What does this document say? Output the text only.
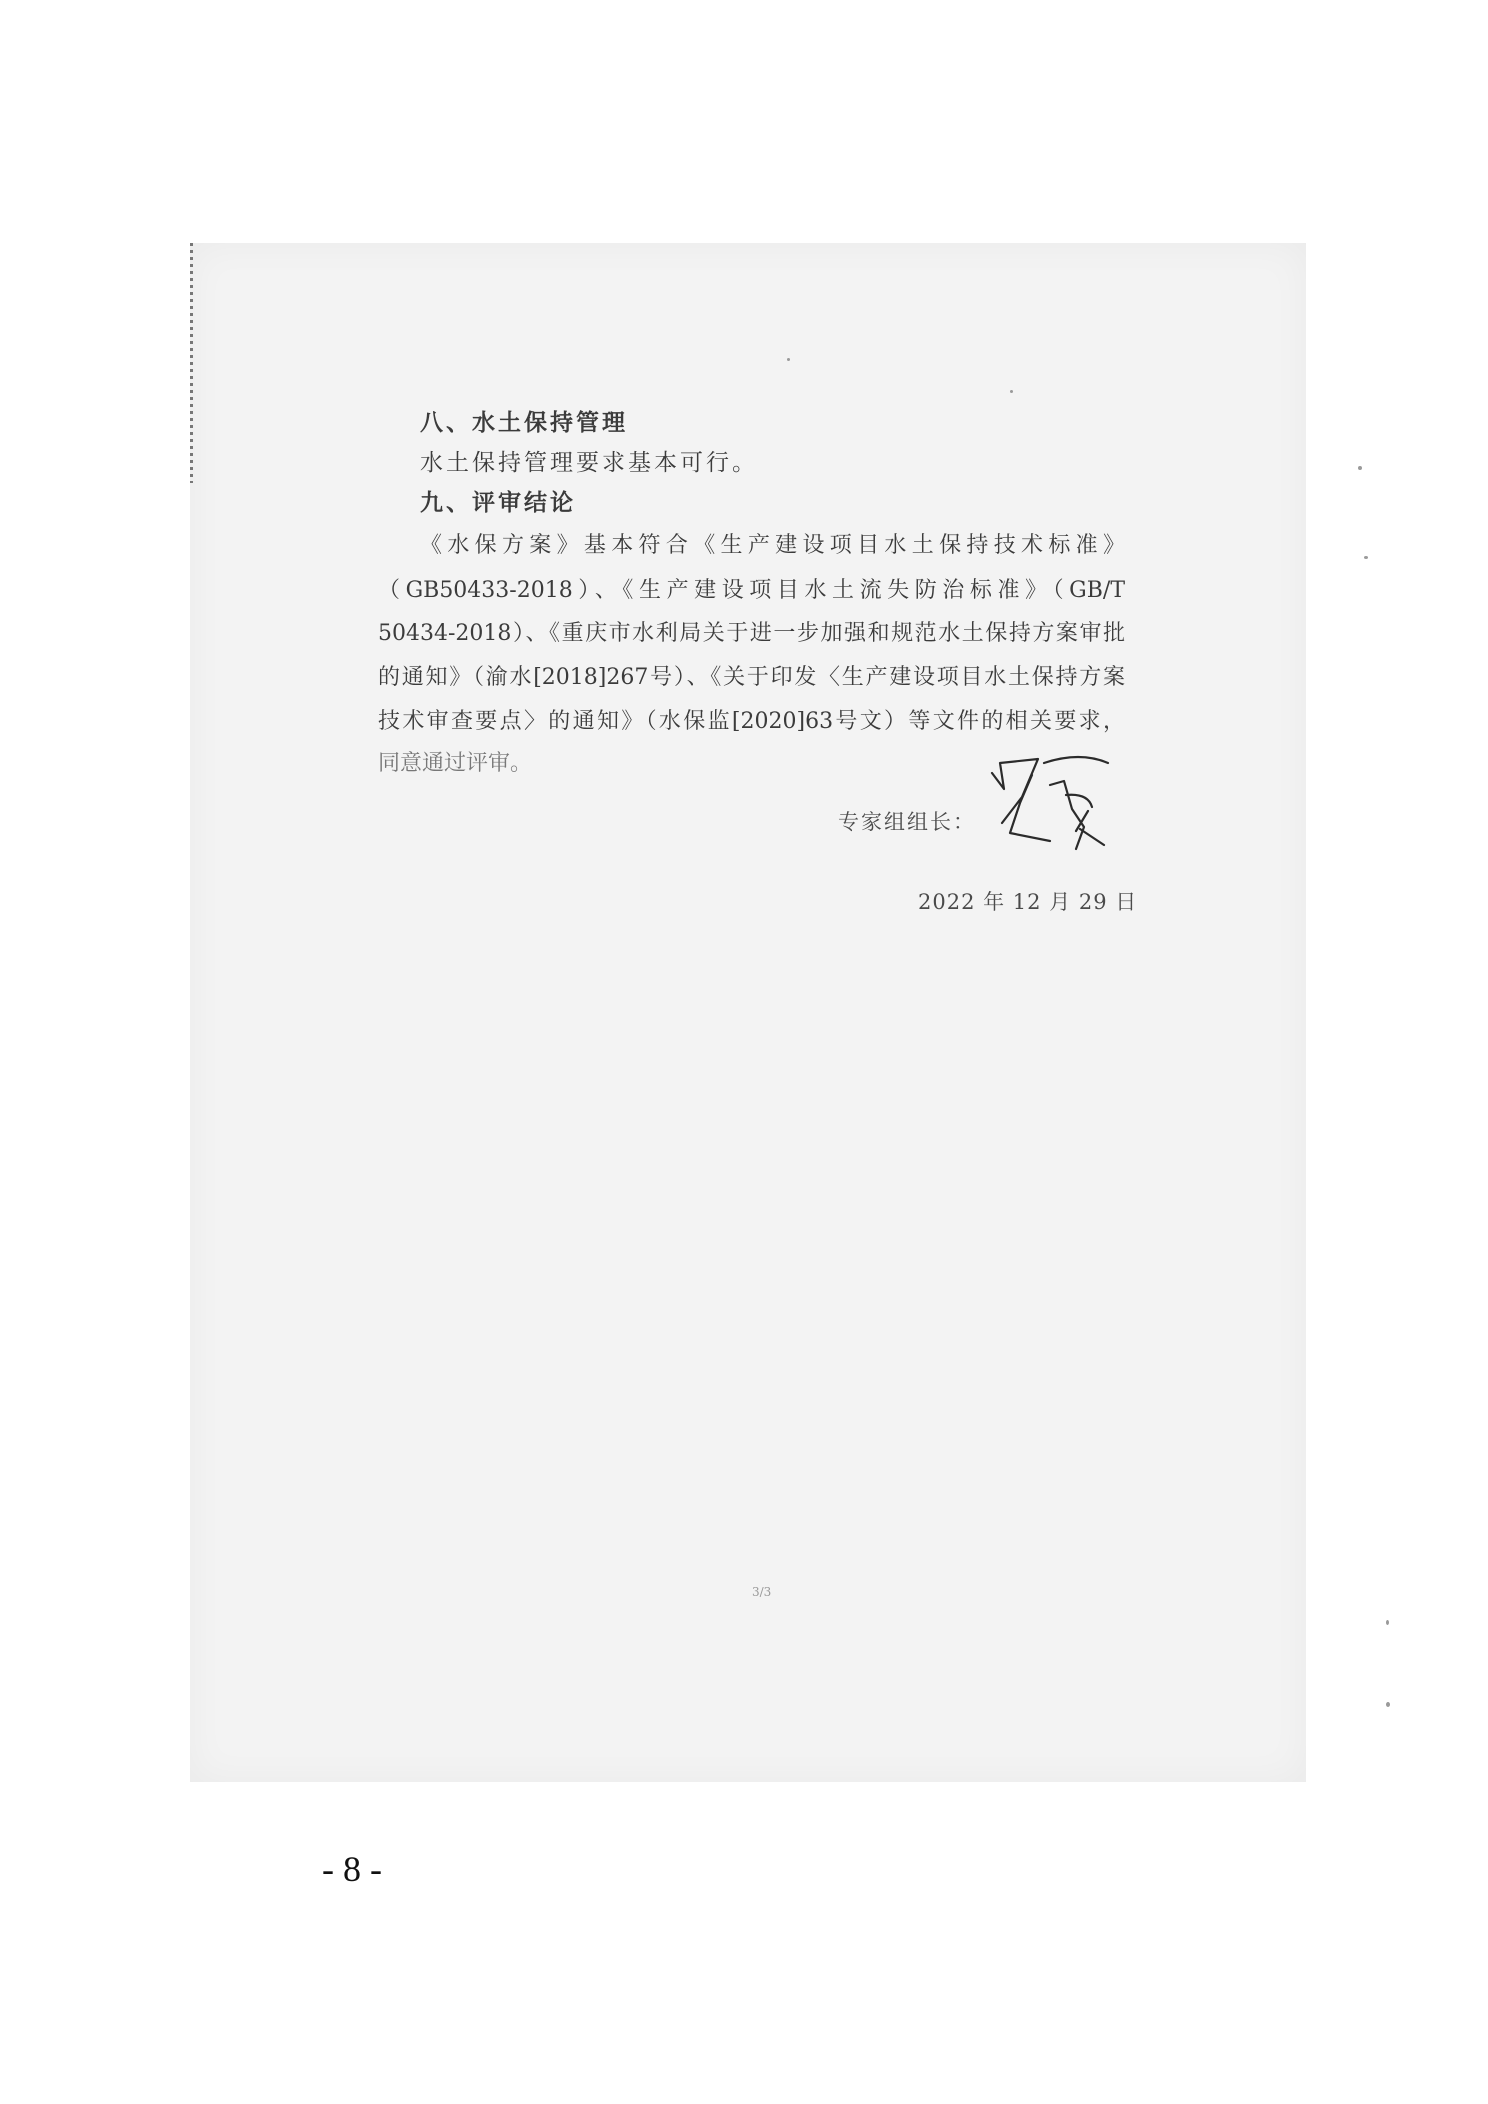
八、水土保持管理
水土保持管理要求基本可行。
九、评审结论
《水保方案》基本符合《生产建设项目水土保持技术标准》
（GB50433-2018）、《生产建设项目水土流失防治标准》（GB/T
50434-2018）、《重庆市水利局关于进一步加强和规范水土保持方案审批
的通知》（渝水[2018]267号）、《关于印发〈生产建设项目水土保持方案
技术审查要点〉的通知》（水保监[2020]63号文）等文件的相关要求，
同意通过评审。
专家组组长：
2022 年 12 月 29 日
3/3
- 8 -
